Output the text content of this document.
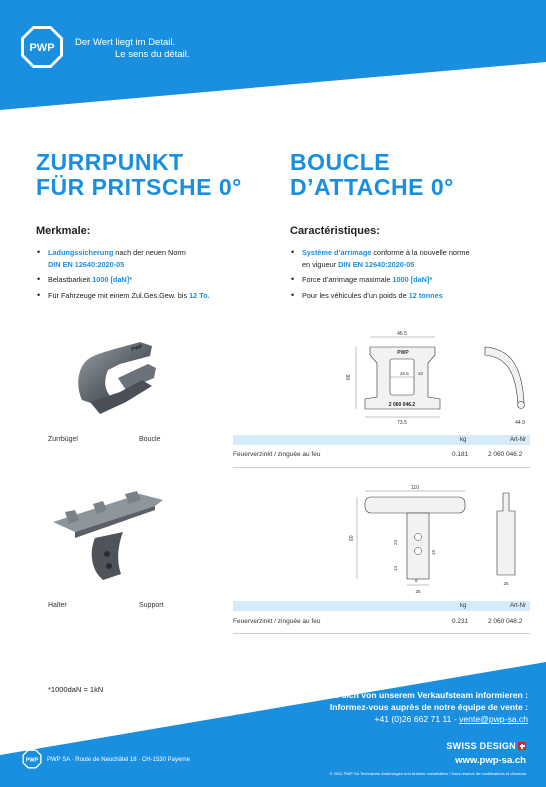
PWP Der Wert liegt im Detail.
Le sens du détail.
ZURRPUNKT
FÜR PRITSCHE 0°
BOUCLE
D’ATTACHE 0°
Merkmale:	Caractéristiques:
• Ladungssicherung nach der neuen Norm
DIN EN 12640:2020-05
• Belastbarkeit 1000 [daN]*
• Für Fahrzeuge mit einem Zul.Ges.Gew. bis 12 To.
• Système d’arrimage conforme à la nouvelle norme
en vigueur DIN EN 12640:2020-05
• Force d’arrimage maximale 1000 [daN]*
• Pour les véhicules d’un poids de 12 tonnes
PWP
Zurrbügel	Boucle
46.5
73.5
66
26.5 10
PWP
2 060 046.2
44.9
kg	Art-Nr
Feuerverzinkt / zinguée au feu	0.181	2 060 046.2
Halter	Support
110
60
23
14
8
25
19
25
kg	Art-Nr
Feuerverzinkt / zinguée au feu	0.231	2 060 048.2
*1000daN = 1kN
Lassen Sie sich von unserem Verkaufsteam informieren :
Informez-vous auprès de notre équipe de vente :
+41 (0)26 662 71 11 - vente@pwp-sa.ch
PWP PWP SA · Route de Neuchâtel 18 · CH-1530 Payerne
SWISS DESIGN
www.pwp-sa.ch
© 2022 PWP SA Technische Änderungen und Irrtümer vorbehalten / Sous réserve de modifications et d'erreurs
